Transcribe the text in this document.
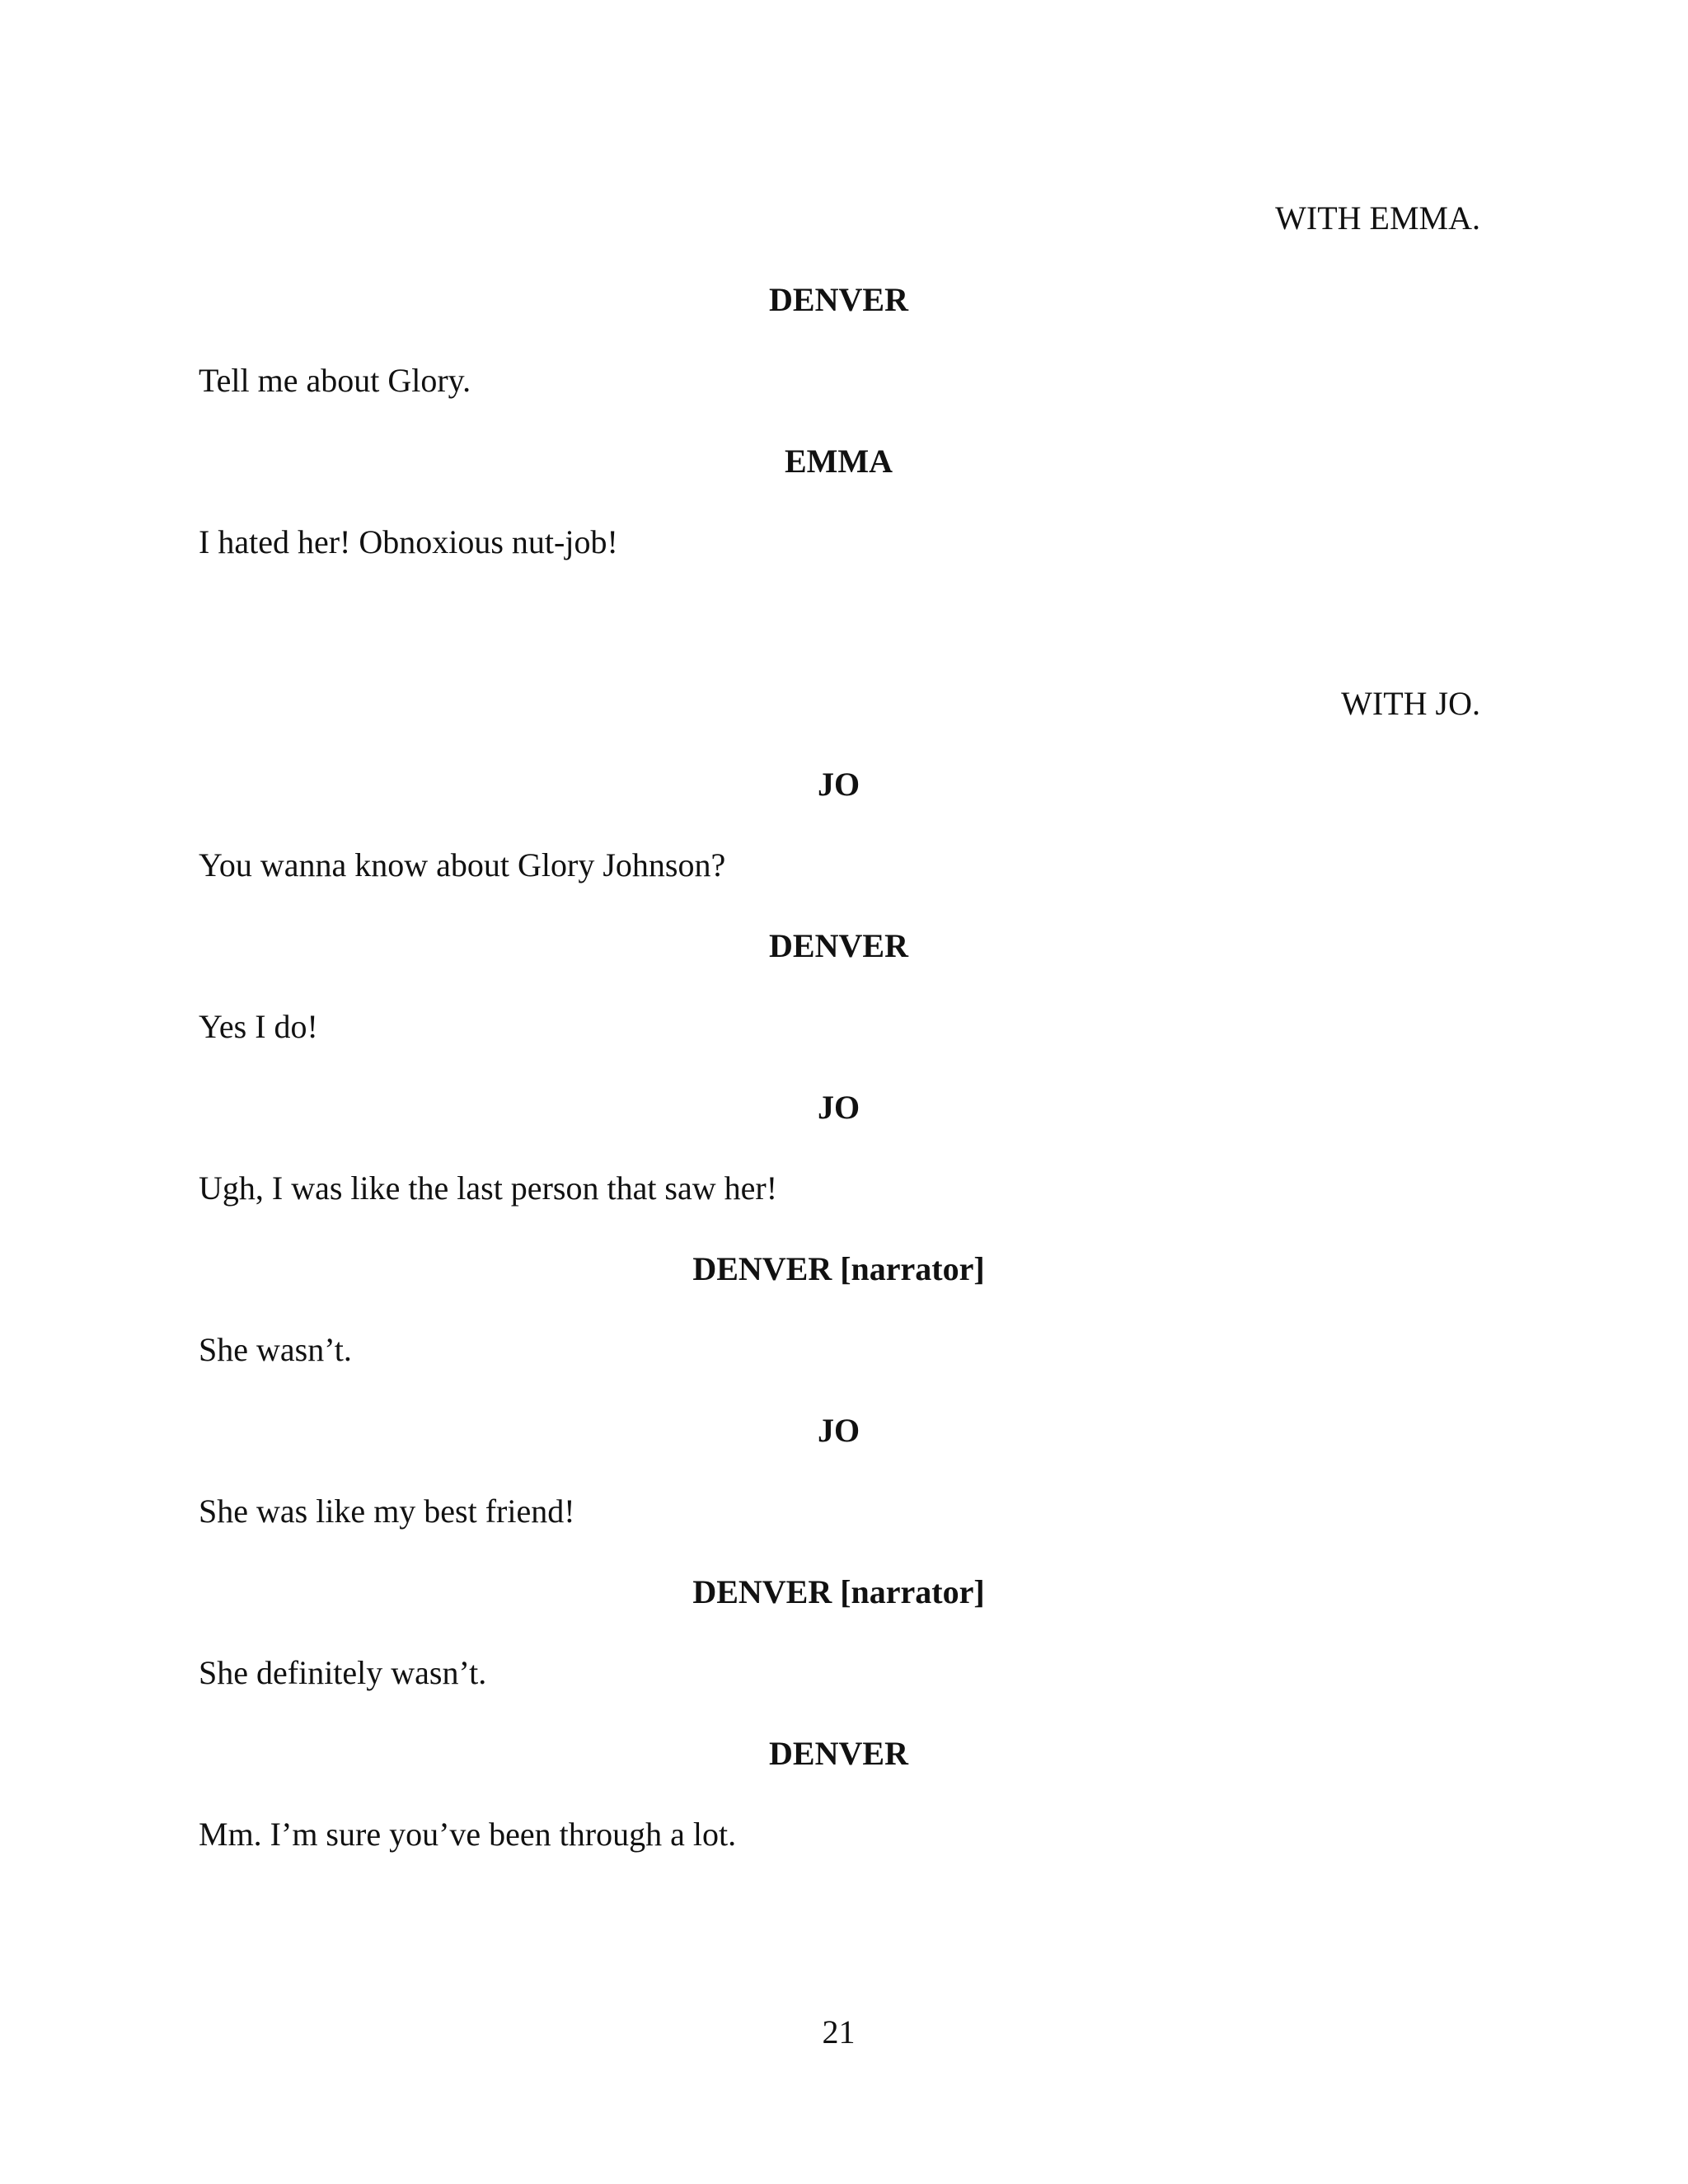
WITH EMMA.
DENVER
Tell me about Glory.
EMMA
I hated her! Obnoxious nut-job!
WITH JO.
JO
You wanna know about Glory Johnson?
DENVER
Yes I do!
JO
Ugh, I was like the last person that saw her!
DENVER [narrator]
She wasn’t.
JO
She was like my best friend!
DENVER [narrator]
She definitely wasn’t.
DENVER
Mm. I’m sure you’ve been through a lot.
21
